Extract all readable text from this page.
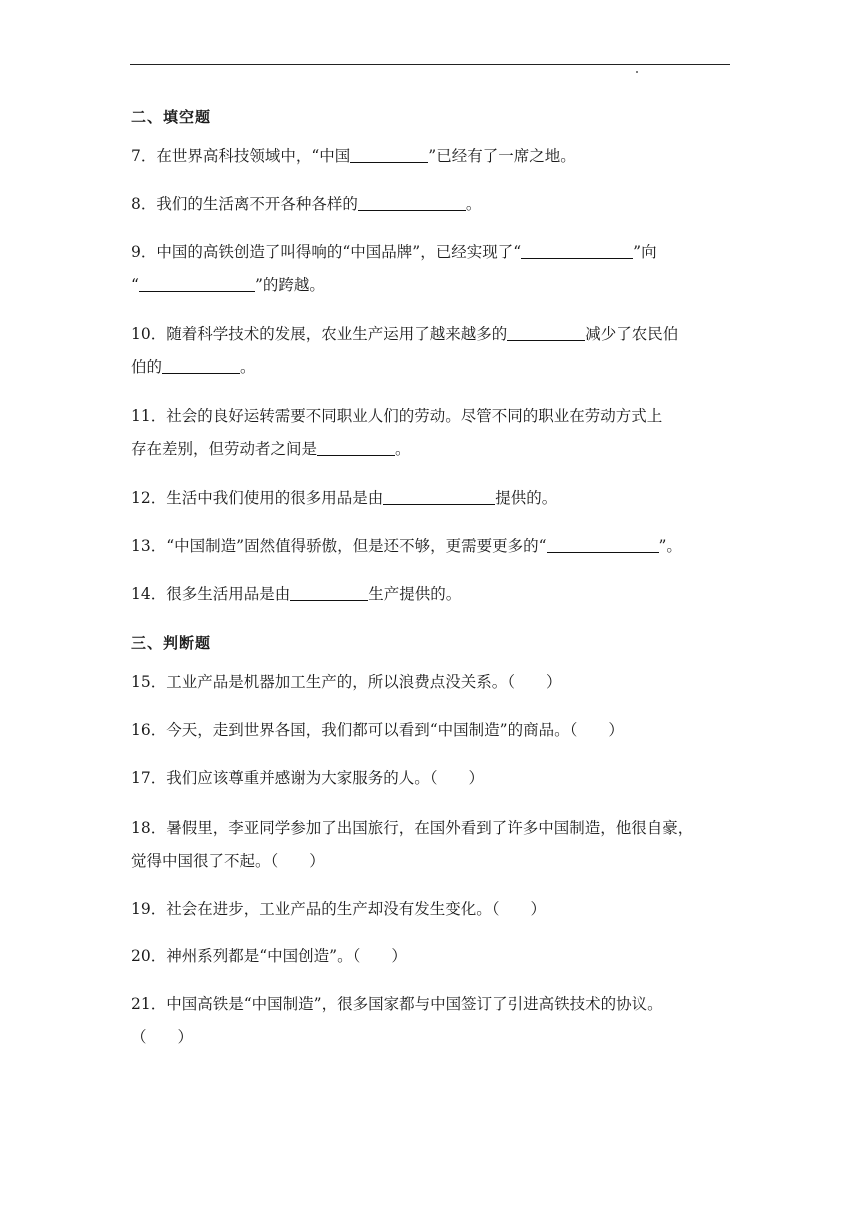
二、填空题
7．在世界高科技领域中，“中国	”已经有了一席之地。
8．我们的生活离不开各种各样的	。
9．中国的高铁创造了叫得响的“中国品牌”，已经实现了“	”向
“	”的跨越。
10．随着科学技术的发展，农业生产运用了越来越多的	减少了农民伯
伯的	。
11．社会的良好运转需要不同职业人们的劳动。尽管不同的职业在劳动方式上
存在差别，但劳动者之间是	。
12．生活中我们使用的很多用品是由	提供的。
13．“中国制造”固然值得骄傲，但是还不够，更需要更多的“	”。
14．很多生活用品是由	生产提供的。
三、判断题
15．工业产品是机器加工生产的，所以浪费点没关系。（　　）
16．今天，走到世界各国，我们都可以看到“中国制造”的商品。（　　）
17．我们应该尊重并感谢为大家服务的人。（　　）
18．暑假里，李亚同学参加了出国旅行，在国外看到了许多中国制造，他很自豪，
觉得中国很了不起。（　　）
19．社会在进步，工业产品的生产却没有发生变化。（　　）
20．神州系列都是“中国创造”。（　　）
21．中国高铁是“中国制造”，很多国家都与中国签订了引进高铁技术的协议。
（　　）
